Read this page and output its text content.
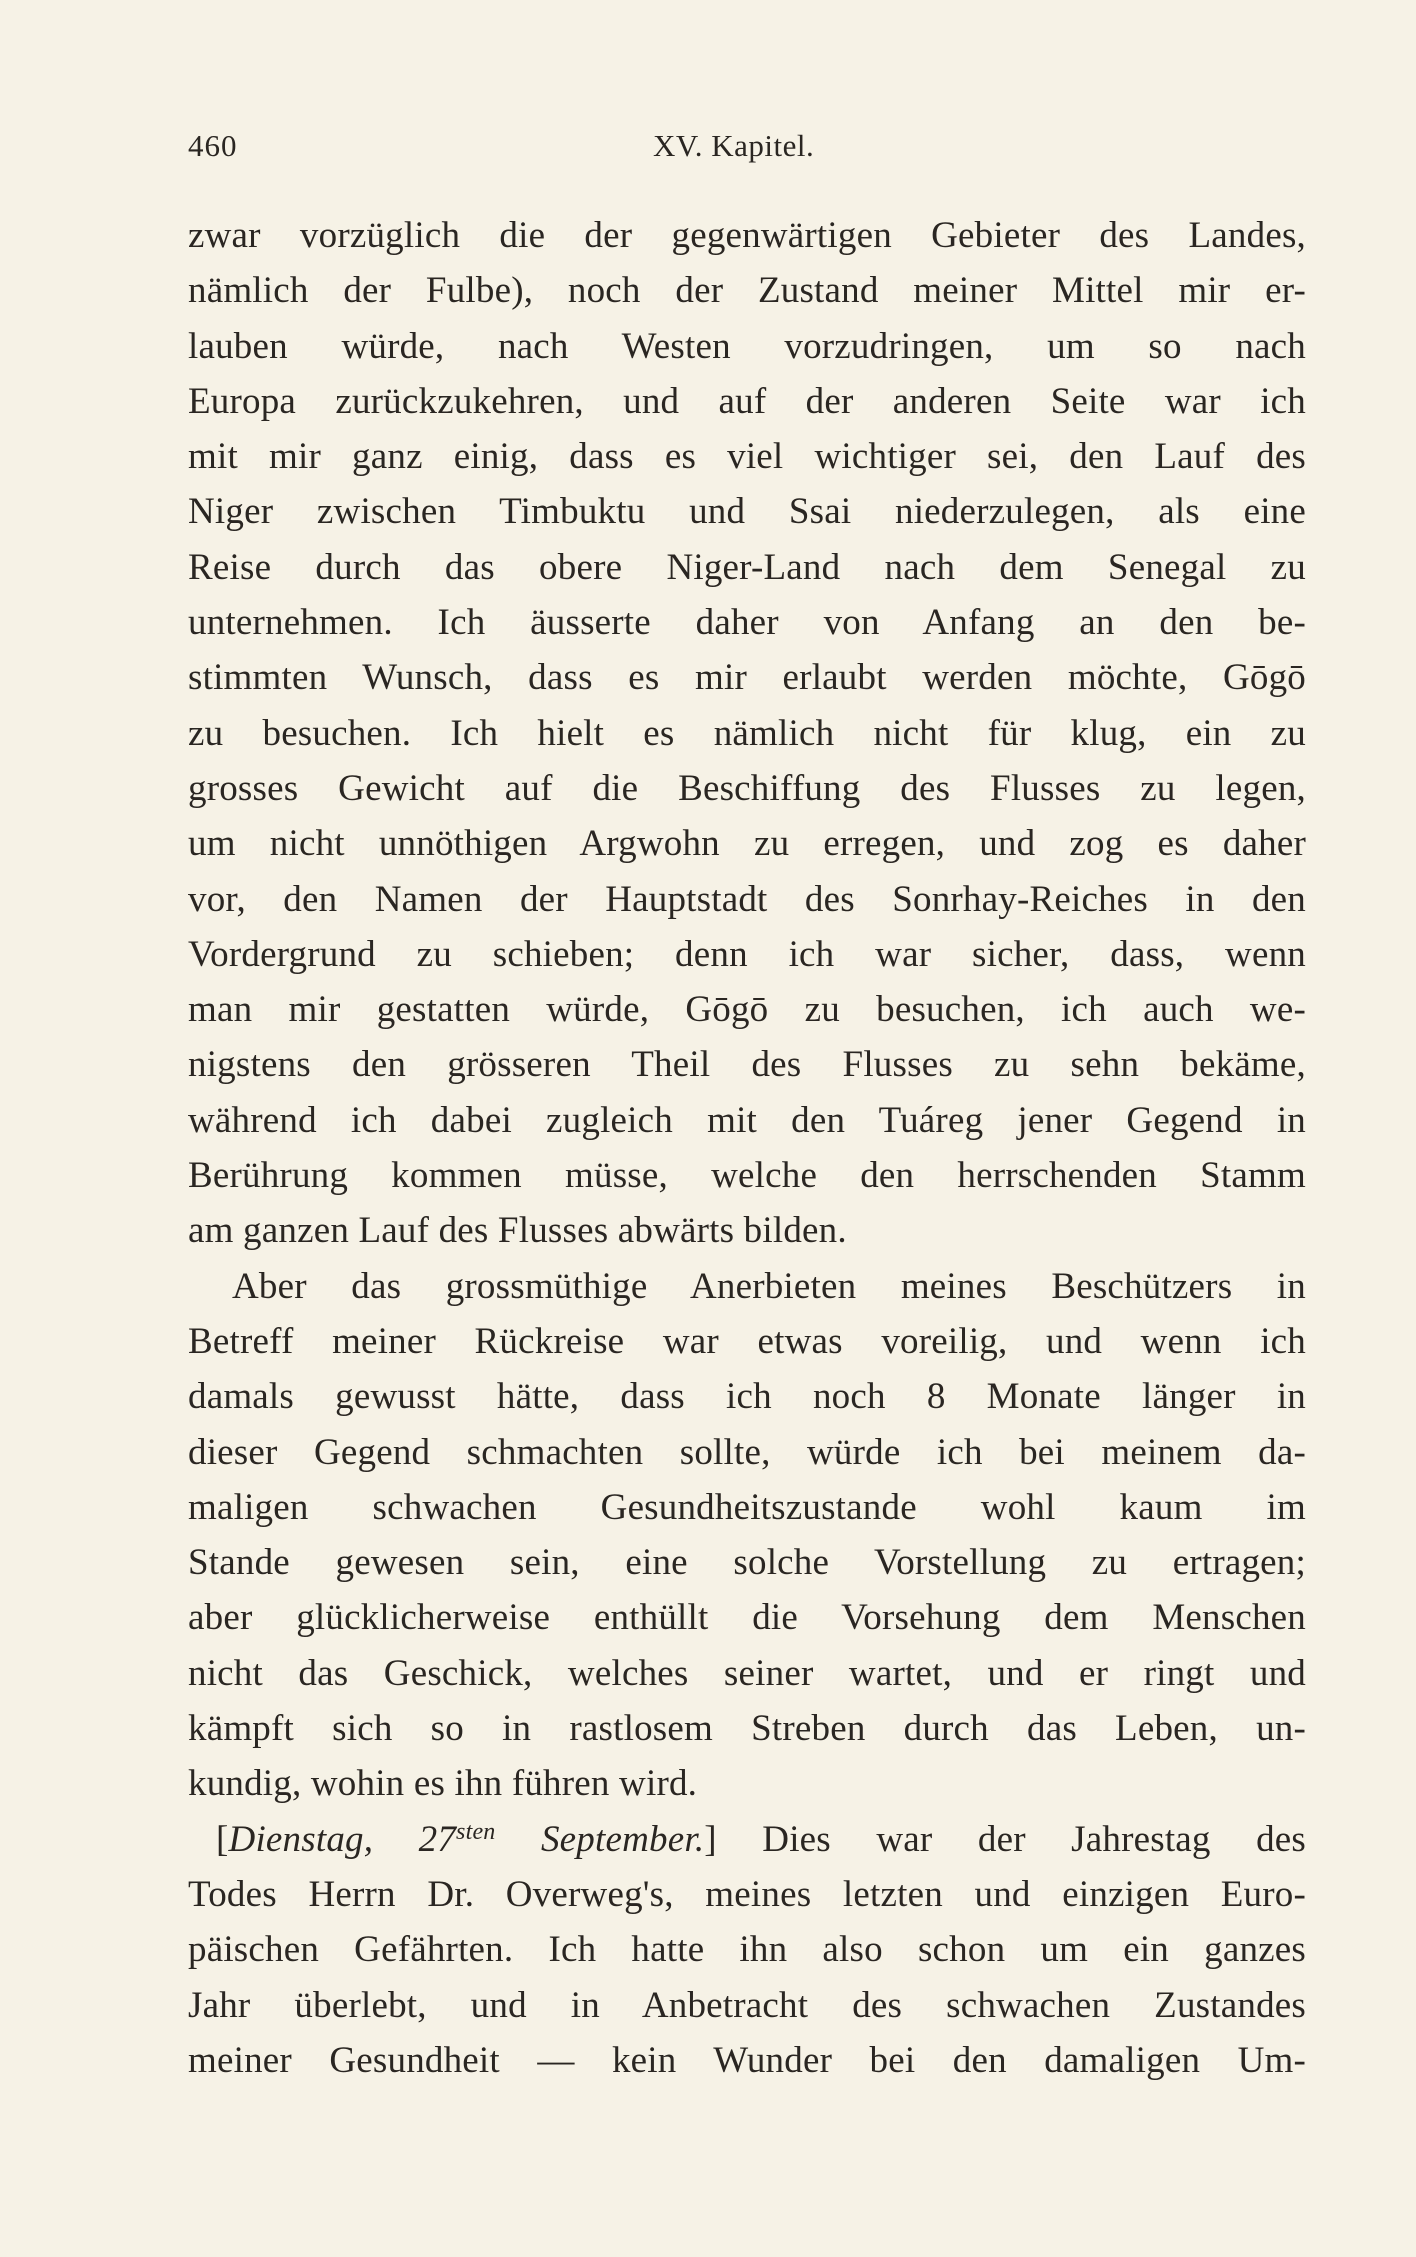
460	XV. Kapitel.
zwar vorzüglich die der gegenwärtigen Gebieter des Landes,
nämlich der Fulbe), noch der Zustand meiner Mittel mir er-
lauben würde, nach Westen vorzudringen, um so nach
Europa zurückzukehren, und auf der anderen Seite war ich
mit mir ganz einig, dass es viel wichtiger sei, den Lauf des
Niger zwischen Timbuktu und Ssai niederzulegen, als eine
Reise durch das obere Niger-Land nach dem Senegal zu
unternehmen. Ich äusserte daher von Anfang an den be-
stimmten Wunsch, dass es mir erlaubt werden möchte, Gōgō
zu besuchen. Ich hielt es nämlich nicht für klug, ein zu
grosses Gewicht auf die Beschiffung des Flusses zu legen,
um nicht unnöthigen Argwohn zu erregen, und zog es daher
vor, den Namen der Hauptstadt des Sonrhay-Reiches in den
Vordergrund zu schieben; denn ich war sicher, dass, wenn
man mir gestatten würde, Gōgō zu besuchen, ich auch we-
nigstens den grösseren Theil des Flusses zu sehn bekäme,
während ich dabei zugleich mit den Tuáreg jener Gegend in
Berührung kommen müsse, welche den herrschenden Stamm
am ganzen Lauf des Flusses abwärts bilden.
Aber das grossmüthige Anerbieten meines Beschützers in
Betreff meiner Rückreise war etwas voreilig, und wenn ich
damals gewusst hätte, dass ich noch 8 Monate länger in
dieser Gegend schmachten sollte, würde ich bei meinem da-
maligen schwachen Gesundheitszustande wohl kaum im
Stande gewesen sein, eine solche Vorstellung zu ertragen;
aber glücklicherweise enthüllt die Vorsehung dem Menschen
nicht das Geschick, welches seiner wartet, und er ringt und
kämpft sich so in rastlosem Streben durch das Leben, un-
kundig, wohin es ihn führen wird.
[Dienstag, $27^{sten}$ September.] Dies war der Jahrestag des
Todes Herrn Dr. Overweg's, meines letzten und einzigen Euro-
päischen Gefährten. Ich hatte ihn also schon um ein ganzes
Jahr überlebt, und in Anbetracht des schwachen Zustandes
meiner Gesundheit — kein Wunder bei den damaligen Um-
